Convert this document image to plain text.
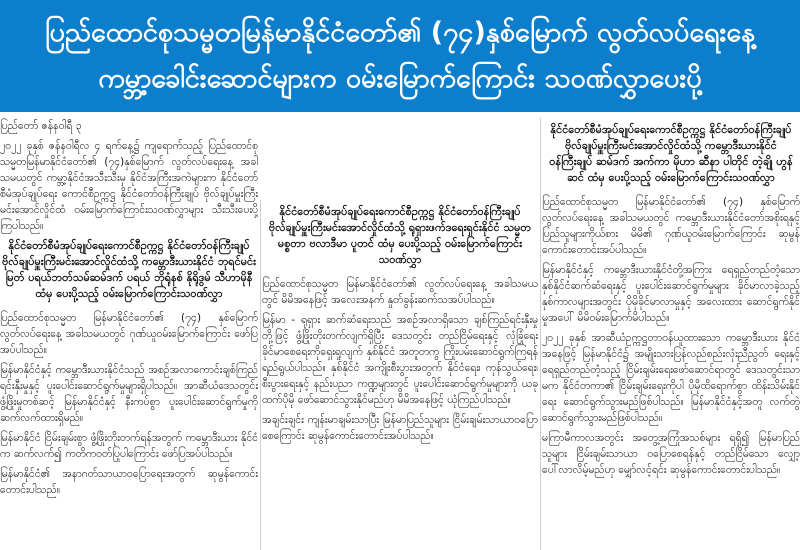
ပြည်ထောင်စုသမ္မတမြန်မာနိုင်ငံတော်၏ (၇၄)နှစ်မြောက် လွတ်လပ်ရေးနေ့
ကမ္ဘာ့ခေါင်းဆောင်များက ဝမ်းမြောက်ကြောင်း သဝဏ်လွှာပေးပို့

ပြည်တော် ဇန်နဝါရီ ၃

၂၀၂၂ ခုနှစ် ဇန်နဝါရီလ ၄ ရက်နေ့၌ ကျရောက်သည့် ပြည်ထောင်စုသမ္မတမြန်မာနိုင်ငံတော်၏ (၇၄)နှစ်မြောက် လွတ်လပ်ရေးနေ့ အခါသမယတွင် ကမ္ဘာ့နိုင်ငံအသီးသီးမှ နိုင်ငံအကြီးအကဲများက နိုင်ငံတော်စီမံအုပ်ချုပ်ရေး ကောင်စီဥက္ကဋ္ဌ နိုင်ငံတော်ဝန်ကြီးချုပ် ဗိုလ်ချုပ်မှူးကြီး မင်းအောင်လှိုင်ထံ ဝမ်းမြောက်ကြောင်းသဝဏ်လွှာများ သီးသီးပေးပို့ကြပါသည်။

နိုင်ငံတော်စီမံအုပ်ချုပ်ရေးကောင်စီဥက္ကဋ္ဌ နိုင်ငံတော်ဝန်ကြီးချုပ် ဗိုလ်ချုပ်မှူးကြီးမင်းအောင်လှိုင်ထံသို့ ကမ္ဘောဒီးယားနိုင်ငံ ဘုရင်မင်းမြတ် ပရယ်ဘတ်သမ်ဆမ်ဒက် ပရယ် ဘိုရုံနစ် နိုရိုဒွမ် သီဟာမိုနီ ထံမှ ပေးပို့သည့် ဝမ်းမြောက်ကြောင်းသဝဏ်လွှာ

ပြည်ထောင်စုသမ္မတ မြန်မာနိုင်ငံတော်၏ (၇၄) နှစ်မြောက် လွတ်လပ်ရေးနေ့ အခါသမယတွင် ဂုဏ်ယူဝမ်းမြောက်ကြောင်း ဖော်ပြအပ်ပါသည်။

မြန်မာနိုင်ငံနှင့် ကမ္ဘောဒီးယားနိုင်ငံသည် အစဉ်အလာကောင်းချစ်ကြည်ရင်းနှီးမှုနှင့် ပူးပေါင်းဆောင်ရွက်မှုများရှိပါသည်။ အာဆီယံဒေသတွင်း ဖွံ့ဖြိုးမှုတစ်ဆင့် မြန်မာနိုင်ငံနှင့် နီးကပ်စွာ ပူးပေါင်းဆောင်ရွက်မှုကို ဆက်လက်ထားရှိမည်။

မြန်မာနိုင်ငံ ငြိမ်းချမ်းစွာ ဖွံ့ဖြိုးတိုးတက်ရန်အတွက် ကမ္ဘောဒီးယား နိုင်ငံက ဆက်လက်၍ ကတိကဝတ်ပြုပါကြောင်း ဖော်ပြအပ်ပါသည်။

မြန်မာနိုင်ငံ၏ အနာဂတ်သာယာဝပြောရေးအတွက် ဆုမွန်ကောင်းတောင်းပါသည်။

နိုင်ငံတော်စီမံအုပ်ချုပ်ရေးကောင်စီဥက္ကဋ္ဌ နိုင်ငံတော်ဝန်ကြီးချုပ် ဗိုလ်ချုပ်မှူးကြီးမင်းအောင်လှိုင်ထံသို့ ရုရှားဖက်ဒရေးရှင်းနိုင်ငံ သမ္မတ မစ္စတာ ဗလာဒီမာ ပူတင် ထံမှ ပေးပို့သည့် ဝမ်းမြောက်ကြောင်းသဝဏ်လွှာ

ပြည်ထောင်စုသမ္မတ မြန်မာနိုင်ငံတော်၏ လွတ်လပ်ရေးနေ့ အခါသမယတွင် မိမိအနေဖြင့် အလေးအနက် နှုတ်ခွန်းဆက်သအပ်ပါသည်။

မြန်မာ - ရုရှား ဆက်ဆံရေးသည် အစဉ်အလာရှိသော ချစ်ကြည်ရင်းနှီးမှုတို့ဖြင့် ဖွံ့ဖြိုးတိုးတက်လျက်ရှိပြီး ဒေသတွင်း တည်ငြိမ်ရေးနှင့် လုံခြုံရေး ခိုင်မာစေရေးကိုရှေးရှုလျက် နှစ်နိုင်ငံ အတူတကွ ကြိုးပမ်းဆောင်ရွက်ကြရန် ရည်ရွယ်ပါသည်။ နှစ်နိုင်ငံ အကျိုးစီးပွားအတွက် နိုင်ငံရေး၊ ကုန်သွယ်ရေး၊ စီးပွားရေးနှင့် နည်းပညာ ကဏ္ဍများတွင် ပူးပေါင်းဆောင်ရွက်မှုများကို ယခုထက်ပိုမို ဖော်ဆောင်သွားနိုင်မည်ဟု မိမိအနေဖြင့် ယုံကြည်ပါသည်။

အချင်းချင်း ကျန်းမာချမ်းသာပြီး မြန်မာပြည်သူများ ငြိမ်းချမ်းသာယာဝပြောစေကြောင်း ဆုမွန်ကောင်းတောင်းအပ်ပါသည်။

နိုင်ငံတော်စီမံအုပ်ချုပ်ရေးကောင်စီဥက္ကဋ္ဌ နိုင်ငံတော်ဝန်ကြီးချုပ် ဗိုလ်ချုပ်မှူးကြီးမင်းအောင်လှိုင်ထံသို့ ကမ္ဘောဒီးယားနိုင်ငံ ဝန်ကြီးချုပ် ဆမ်ဒက် အက်ကာ မိုဟာ ဆီနာ ပါတိုင် တဲ့ချို ဟွန်ဆင် ထံမှ ပေးပို့သည့် ဝမ်းမြောက်ကြောင်းသဝဏ်လွှာ

ပြည်ထောင်စုသမ္မတ မြန်မာနိုင်ငံတော်၏ (၇၄) နှစ်မြောက် လွတ်လပ်ရေးနေ့ အခါသမယတွင် ကမ္ဘောဒီးယားနိုင်ငံတော်အစိုးရနှင့် ပြည်သူများကိုယ်စား မိမိ၏ ဂုဏ်ယူဝမ်းမြောက်ကြောင်း ဆုမွန်ကောင်းတောင်းအပ်ပါသည်။

မြန်မာနိုင်ငံနှင့် ကမ္ဘောဒီးယားနိုင်ငံတို့အကြား ရေရှည်တည်တံ့သော နှစ်နိုင်ငံဆက်ဆံရေးနှင့် ပူးပေါင်းဆောင်ရွက်မှုများ ခိုင်မာလာခဲ့သည့်နှစ်ကာလများအတွင်း ပိုမိုခိုင်မာလာမှုနှင့် အလေးထား ဆောင်ရွက်နိုင်မှုအပေါ် မိမိဝမ်းမြောက်မိပါသည်။

၂၀၂၂ ခုနှစ် အာဆီယံဥက္ကဋ္ဌတာဝန်ယူထားသော ကမ္ဘောဒီးယား နိုင်ငံအနေဖြင့် မြန်မာနိုင်ငံ၌ အမျိုးသားပြန်လည်စည်းလုံးညီညွတ် ရေးနှင့် ရေရှည်တည်တံ့သည့် ငြိမ်းချမ်းရေးဖော်ဆောင်ရာတွင် ဒေသတွင်းသာမက နိုင်ငံတကာ၏ ငြိမ်းချမ်းရေးကိုပါ ပိုမိုထိရောက်စွာ ထိန်းသိမ်းနိုင်ရေး ဆောင်ရွက်သွားမည်ဖြစ်ပါသည်။ မြန်မာနိုင်ငံနှင့်အတူ လက်တွဲဆောင်ရွက်သွားမည်ဖြစ်ပါသည်။

မကြာမီကာလအတွင်း အတွေ့အကြုံအသစ်များ ရရှိ၍ မြန်မာပြည်သူများ ငြိမ်းချမ်းသာယာ ဝပြောစေရန်နှင့် တည်ငြိမ်သော လျှော့ပေါ်လာလိမ့်မည်ဟု မျှော်လင့်ရင်း ဆုမွန်ကောင်းတောင်းပါသည်။
